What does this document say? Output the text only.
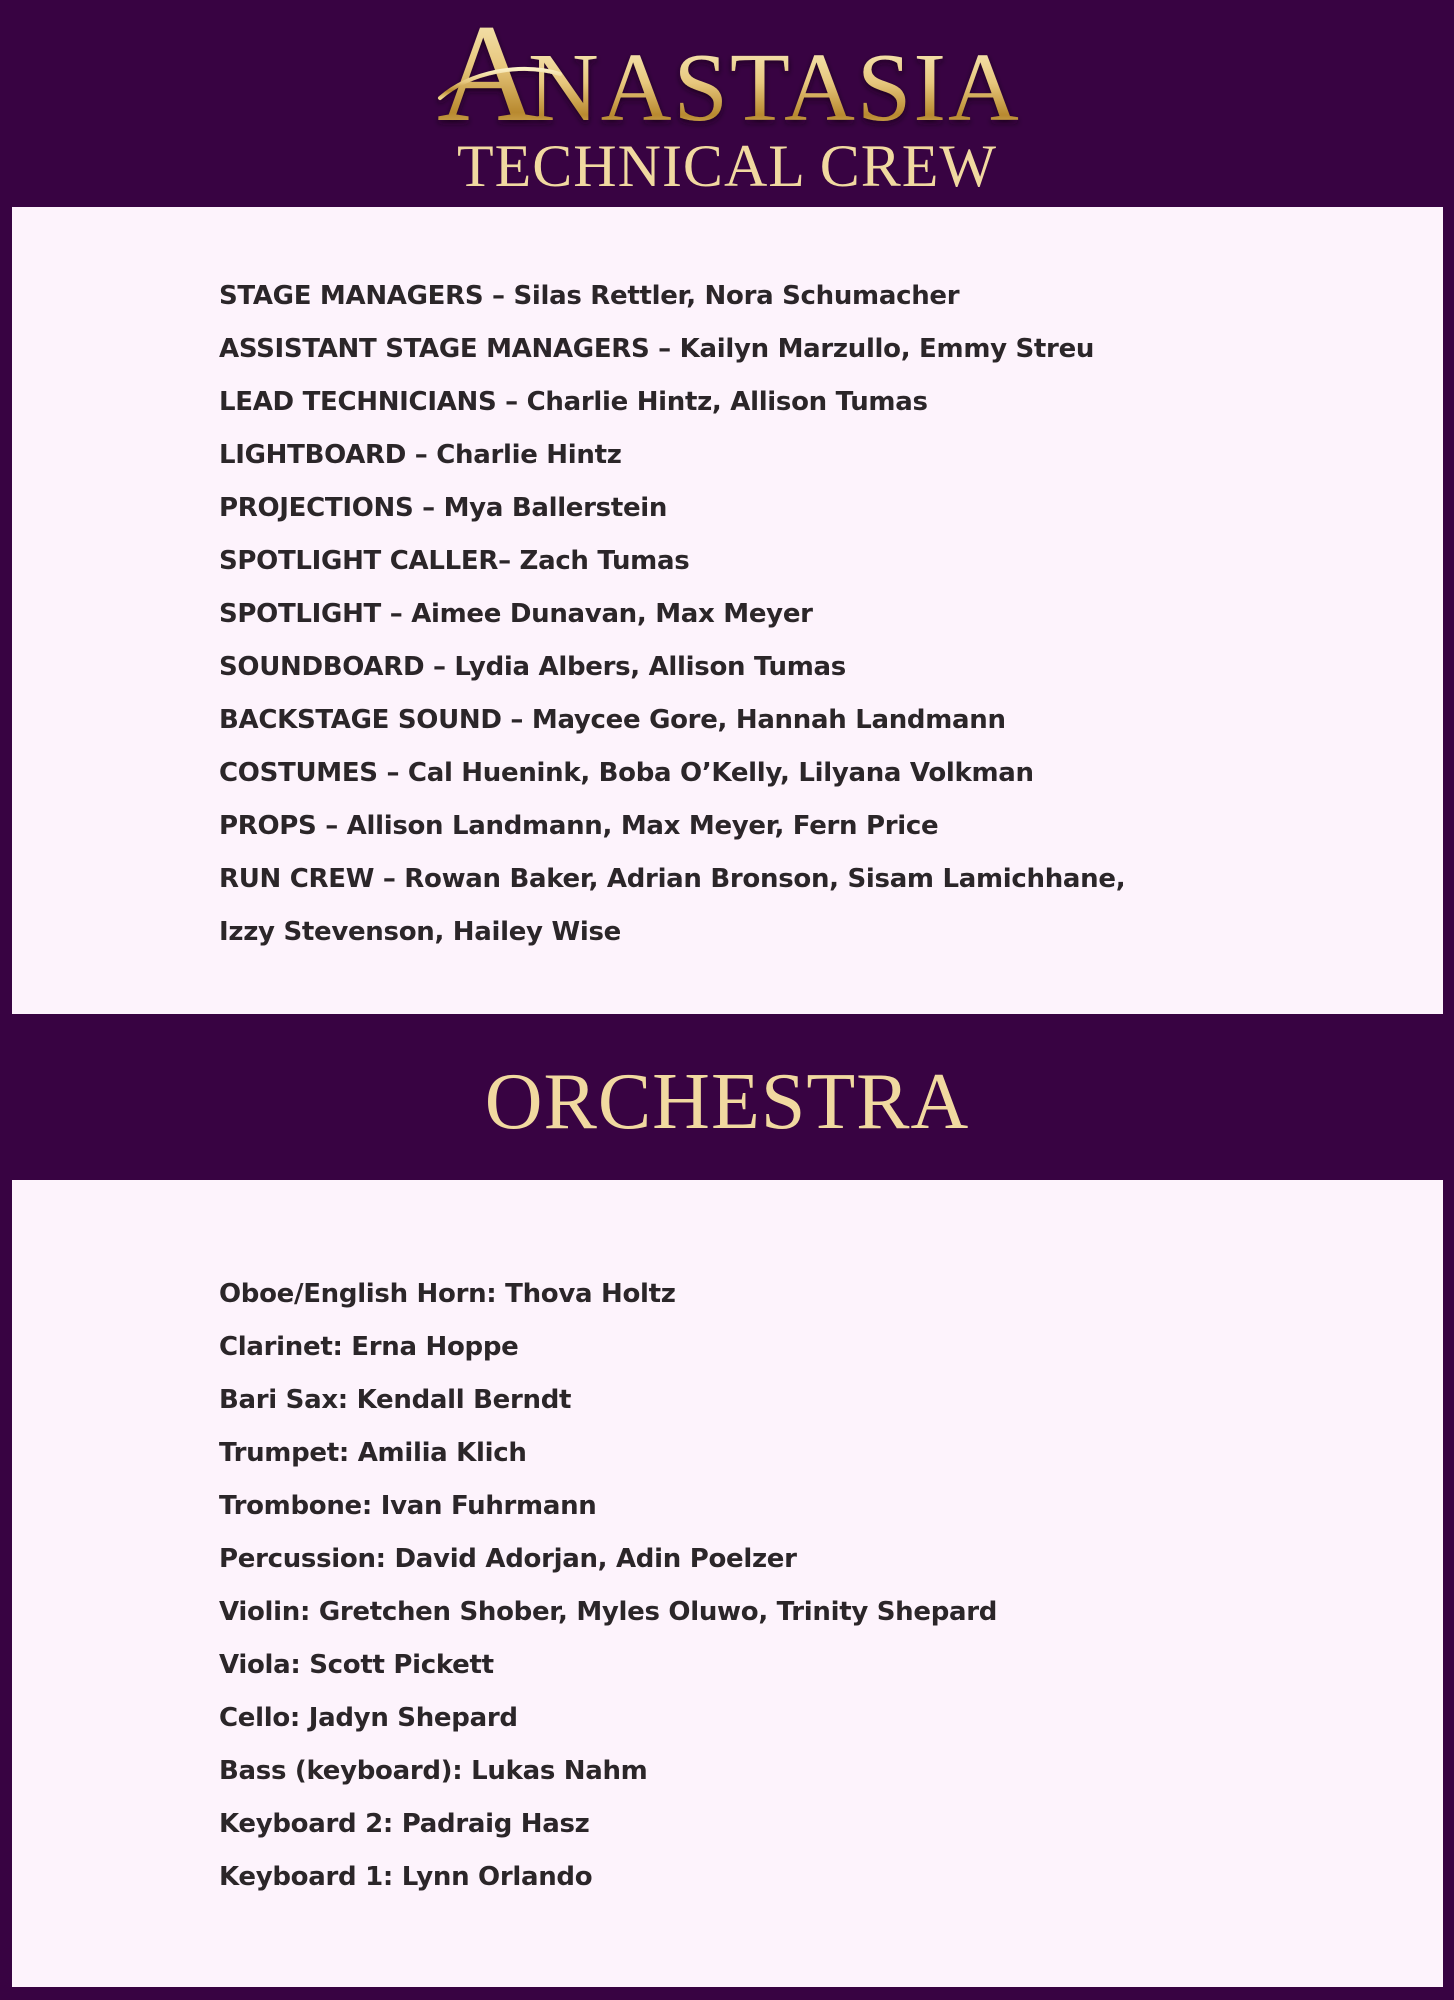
A
NASTASIA
TECHNICAL CREW
STAGE MANAGERS – Silas Rettler, Nora Schumacher
ASSISTANT STAGE MANAGERS – Kailyn Marzullo, Emmy Streu
LEAD TECHNICIANS – Charlie Hintz, Allison Tumas
LIGHTBOARD – Charlie Hintz
PROJECTIONS – Mya Ballerstein
SPOTLIGHT CALLER– Zach Tumas
SPOTLIGHT – Aimee Dunavan, Max Meyer
SOUNDBOARD – Lydia Albers, Allison Tumas
BACKSTAGE SOUND – Maycee Gore, Hannah Landmann
COSTUMES – Cal Huenink, Boba O’Kelly, Lilyana Volkman
PROPS – Allison Landmann, Max Meyer, Fern Price
RUN CREW – Rowan Baker, Adrian Bronson, Sisam Lamichhane,
Izzy Stevenson, Hailey Wise
ORCHESTRA
Oboe/English Horn: Thova Holtz
Clarinet: Erna Hoppe
Bari Sax: Kendall Berndt
Trumpet: Amilia Klich
Trombone: Ivan Fuhrmann
Percussion: David Adorjan, Adin Poelzer
Violin: Gretchen Shober, Myles Oluwo, Trinity Shepard
Viola: Scott Pickett
Cello: Jadyn Shepard
Bass (keyboard): Lukas Nahm
Keyboard 2: Padraig Hasz
Keyboard 1: Lynn Orlando
